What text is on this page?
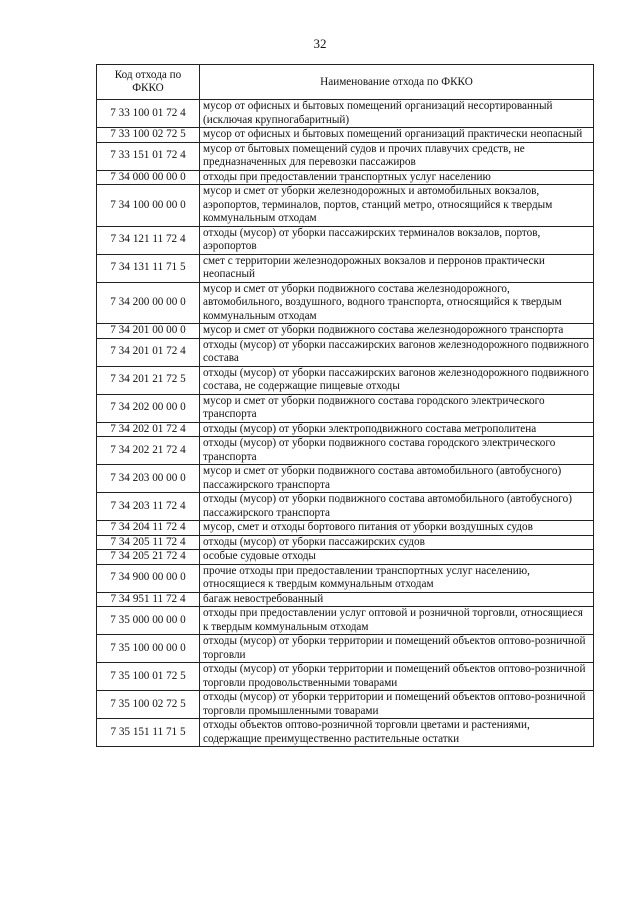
32
Код отхода по ФККО	Наименование отхода по ФККО
7 33 100 01 72 4	мусор от офисных и бытовых помещений организаций несортированный (исключая крупногабаритный)
7 33 100 02 72 5	мусор от офисных и бытовых помещений организаций практически неопасный
7 33 151 01 72 4	мусор от бытовых помещений судов и прочих плавучих средств, не предназначенных для перевозки пассажиров
7 34 000 00 00 0	отходы при предоставлении транспортных услуг населению
7 34 100 00 00 0	мусор и смет от уборки железнодорожных и автомобильных вокзалов, аэропортов, терминалов, портов, станций метро, относящийся к твердым коммунальным отходам
7 34 121 11 72 4	отходы (мусор) от уборки пассажирских терминалов вокзалов, портов, аэропортов
7 34 131 11 71 5	смет с территории железнодорожных вокзалов и перронов практически неопасный
7 34 200 00 00 0	мусор и смет от уборки подвижного состава железнодорожного, автомобильного, воздушного, водного транспорта, относящийся к твердым коммунальным отходам
7 34 201 00 00 0	мусор и смет от уборки подвижного состава железнодорожного транспорта
7 34 201 01 72 4	отходы (мусор) от уборки пассажирских вагонов железнодорожного подвижного состава
7 34 201 21 72 5	отходы (мусор) от уборки пассажирских вагонов железнодорожного подвижного состава, не содержащие пищевые отходы
7 34 202 00 00 0	мусор и смет от уборки подвижного состава городского электрического транспорта
7 34 202 01 72 4	отходы (мусор) от уборки электроподвижного состава метрополитена
7 34 202 21 72 4	отходы (мусор) от уборки подвижного состава городского электрического транспорта
7 34 203 00 00 0	мусор и смет от уборки подвижного состава автомобильного (автобусного) пассажирского транспорта
7 34 203 11 72 4	отходы (мусор) от уборки подвижного состава автомобильного (автобусного) пассажирского транспорта
7 34 204 11 72 4	мусор, смет и отходы бортового питания от уборки воздушных судов
7 34 205 11 72 4	отходы (мусор) от уборки пассажирских судов
7 34 205 21 72 4	особые судовые отходы
7 34 900 00 00 0	прочие отходы при предоставлении транспортных услуг населению, относящиеся к твердым коммунальным отходам
7 34 951 11 72 4	багаж невостребованный
7 35 000 00 00 0	отходы при предоставлении услуг оптовой и розничной торговли, относящиеся к твердым коммунальным отходам
7 35 100 00 00 0	отходы (мусор) от уборки территории и помещений объектов оптово-розничной торговли
7 35 100 01 72 5	отходы (мусор) от уборки территории и помещений объектов оптово-розничной торговли продовольственными товарами
7 35 100 02 72 5	отходы (мусор) от уборки территории и помещений объектов оптово-розничной торговли промышленными товарами
7 35 151 11 71 5	отходы объектов оптово-розничной торговли цветами и растениями, содержащие преимущественно растительные остатки
